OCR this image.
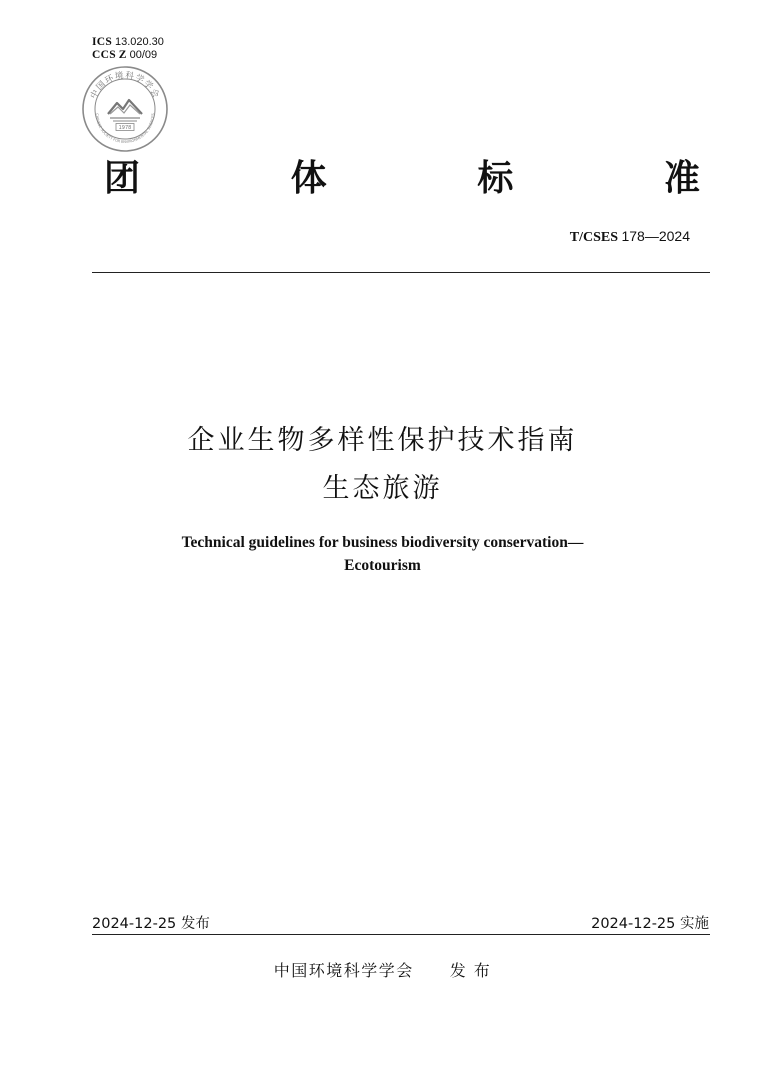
ICS 13.020.30
CCS Z 00/09
中国环境科学学会
CHINESE SOCIETY FOR ENVIRONMENTAL SCIENCES
1978
团	体	标	准
T/CSES 178—2024
企业生物多样性保护技术指南
生态旅游
Technical guidelines for business biodiversity conservation—
Ecotourism
2024-12-25 发布	2024-12-25 实施
中国环境科学学会 发 布
